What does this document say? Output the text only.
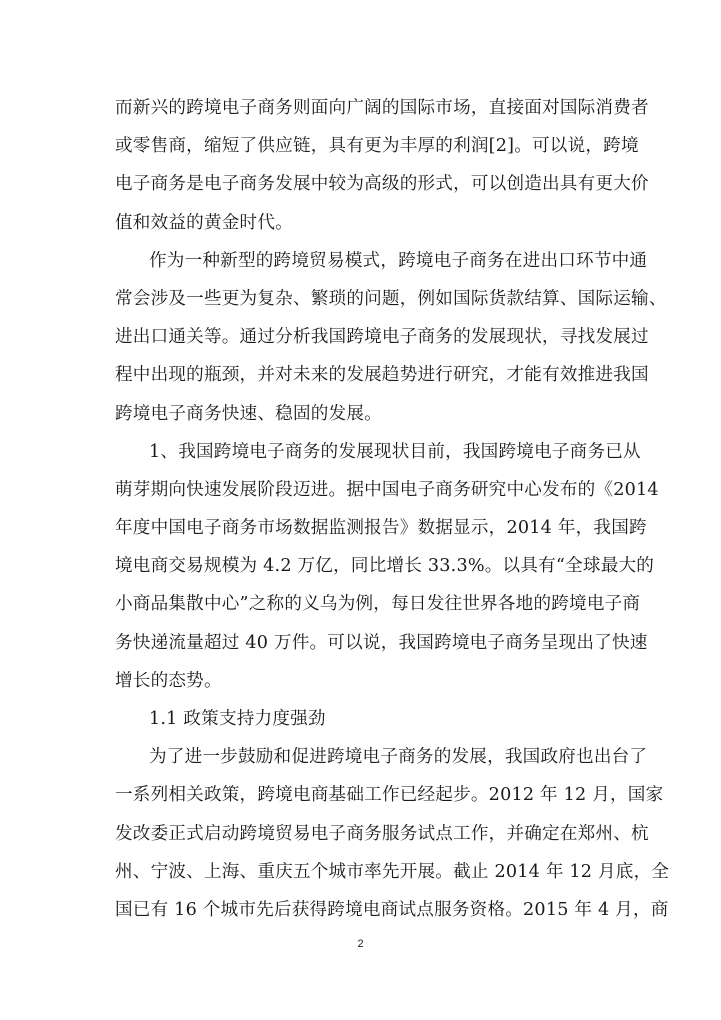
而新兴的跨境电子商务则面向广阔的国际市场，直接面对国际消费者
或零售商，缩短了供应链，具有更为丰厚的利润[2]。可以说，跨境
电子商务是电子商务发展中较为高级的形式，可以创造出具有更大价
值和效益的黄金时代。
作为一种新型的跨境贸易模式，跨境电子商务在进出口环节中通
常会涉及一些更为复杂、繁琐的问题，例如国际货款结算、国际运输、
进出口通关等。通过分析我国跨境电子商务的发展现状，寻找发展过
程中出现的瓶颈，并对未来的发展趋势进行研究，才能有效推进我国
跨境电子商务快速、稳固的发展。
1、我国跨境电子商务的发展现状目前，我国跨境电子商务已从
萌芽期向快速发展阶段迈进。据中国电子商务研究中心发布的《2014
年度中国电子商务市场数据监测报告》数据显示，2014 年，我国跨
境电商交易规模为 4.2 万亿，同比增长 33.3%。以具有“全球最大的
小商品集散中心”之称的义乌为例，每日发往世界各地的跨境电子商
务快递流量超过 40 万件。可以说，我国跨境电子商务呈现出了快速
增长的态势。
1.1 政策支持力度强劲
为了进一步鼓励和促进跨境电子商务的发展，我国政府也出台了
一系列相关政策，跨境电商基础工作已经起步。2012 年 12 月，国家
发改委正式启动跨境贸易电子商务服务试点工作，并确定在郑州、杭
州、宁波、上海、重庆五个城市率先开展。截止 2014 年 12 月底，全
国已有 16 个城市先后获得跨境电商试点服务资格。2015 年 4 月，商
2
